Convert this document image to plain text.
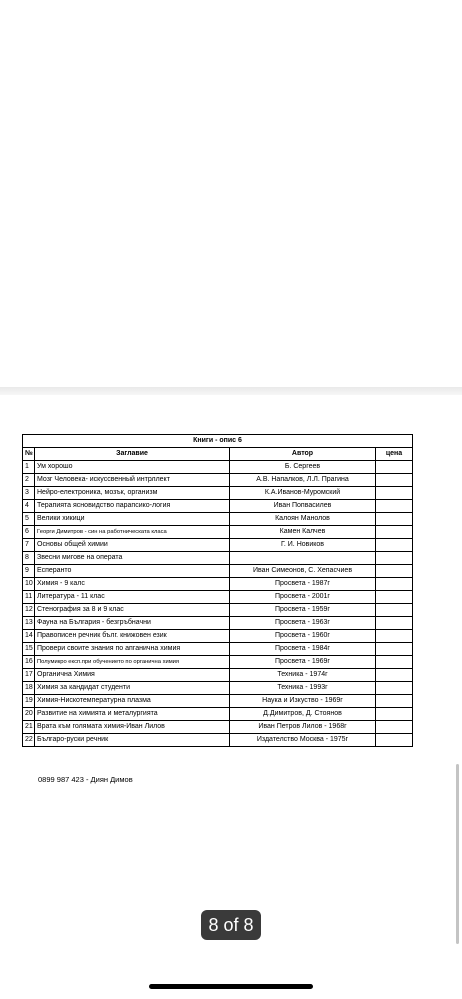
Книги - опис 6			
№	Заглавие	Автор	цена
1	Ум хорошо	Б. Сергеев	
2	Мозг Человека- искуссвенный интрллект	А.В. Напалков, Л.Л. Прагина	
3	Нейро-електроника, мозък, организм	К.А.Иванов-Муромский	
4	Терапията ясновидство парапсико-логия	Иван Попвасилев	
5	Велики хикици	Калоян Манолов	
6	Георги Димитров - син на работническата класа	Камен Калчев	
7	Основы общей химии	Г. И. Новиков	
8	Звесни мигове на операта		
9	Есперанто	Иван Симеонов, С. Хепасчиев	
10	Химия - 9 калс	Просвета - 1987г	
11	Литература - 11 клас	Просвета - 2001г	
12	Стенография за 8 и 9 клас	Просвета - 1959г	
13	Фауна на България - безгръбначни	Просвета - 1963г	
14	Правописен речник бълг. книжовен език	Просвета - 1960г	
15	Провери своите знания по апганична химия	Просвета - 1984г	
16	Полумикро експ.при обучението по органична химия	Просвета - 1969г	
17	Органична Химия	Техника - 1974г	
18	Химия за кандидат студенти	Техника - 1993г	
19	Химия-Нискотемпературна плазма	Наука и Изкуство - 1969г	
20	Развитие на химията и металургията	Д.Димитров, Д. Стоянов	
21	Врата към голямата химия-Иван Лилов	Иван Петров Лилов - 1968г	
22	Българо-руски речник	Издателство Москва - 1975г	
0899 987 423 - Диян Димов
8 of 8
